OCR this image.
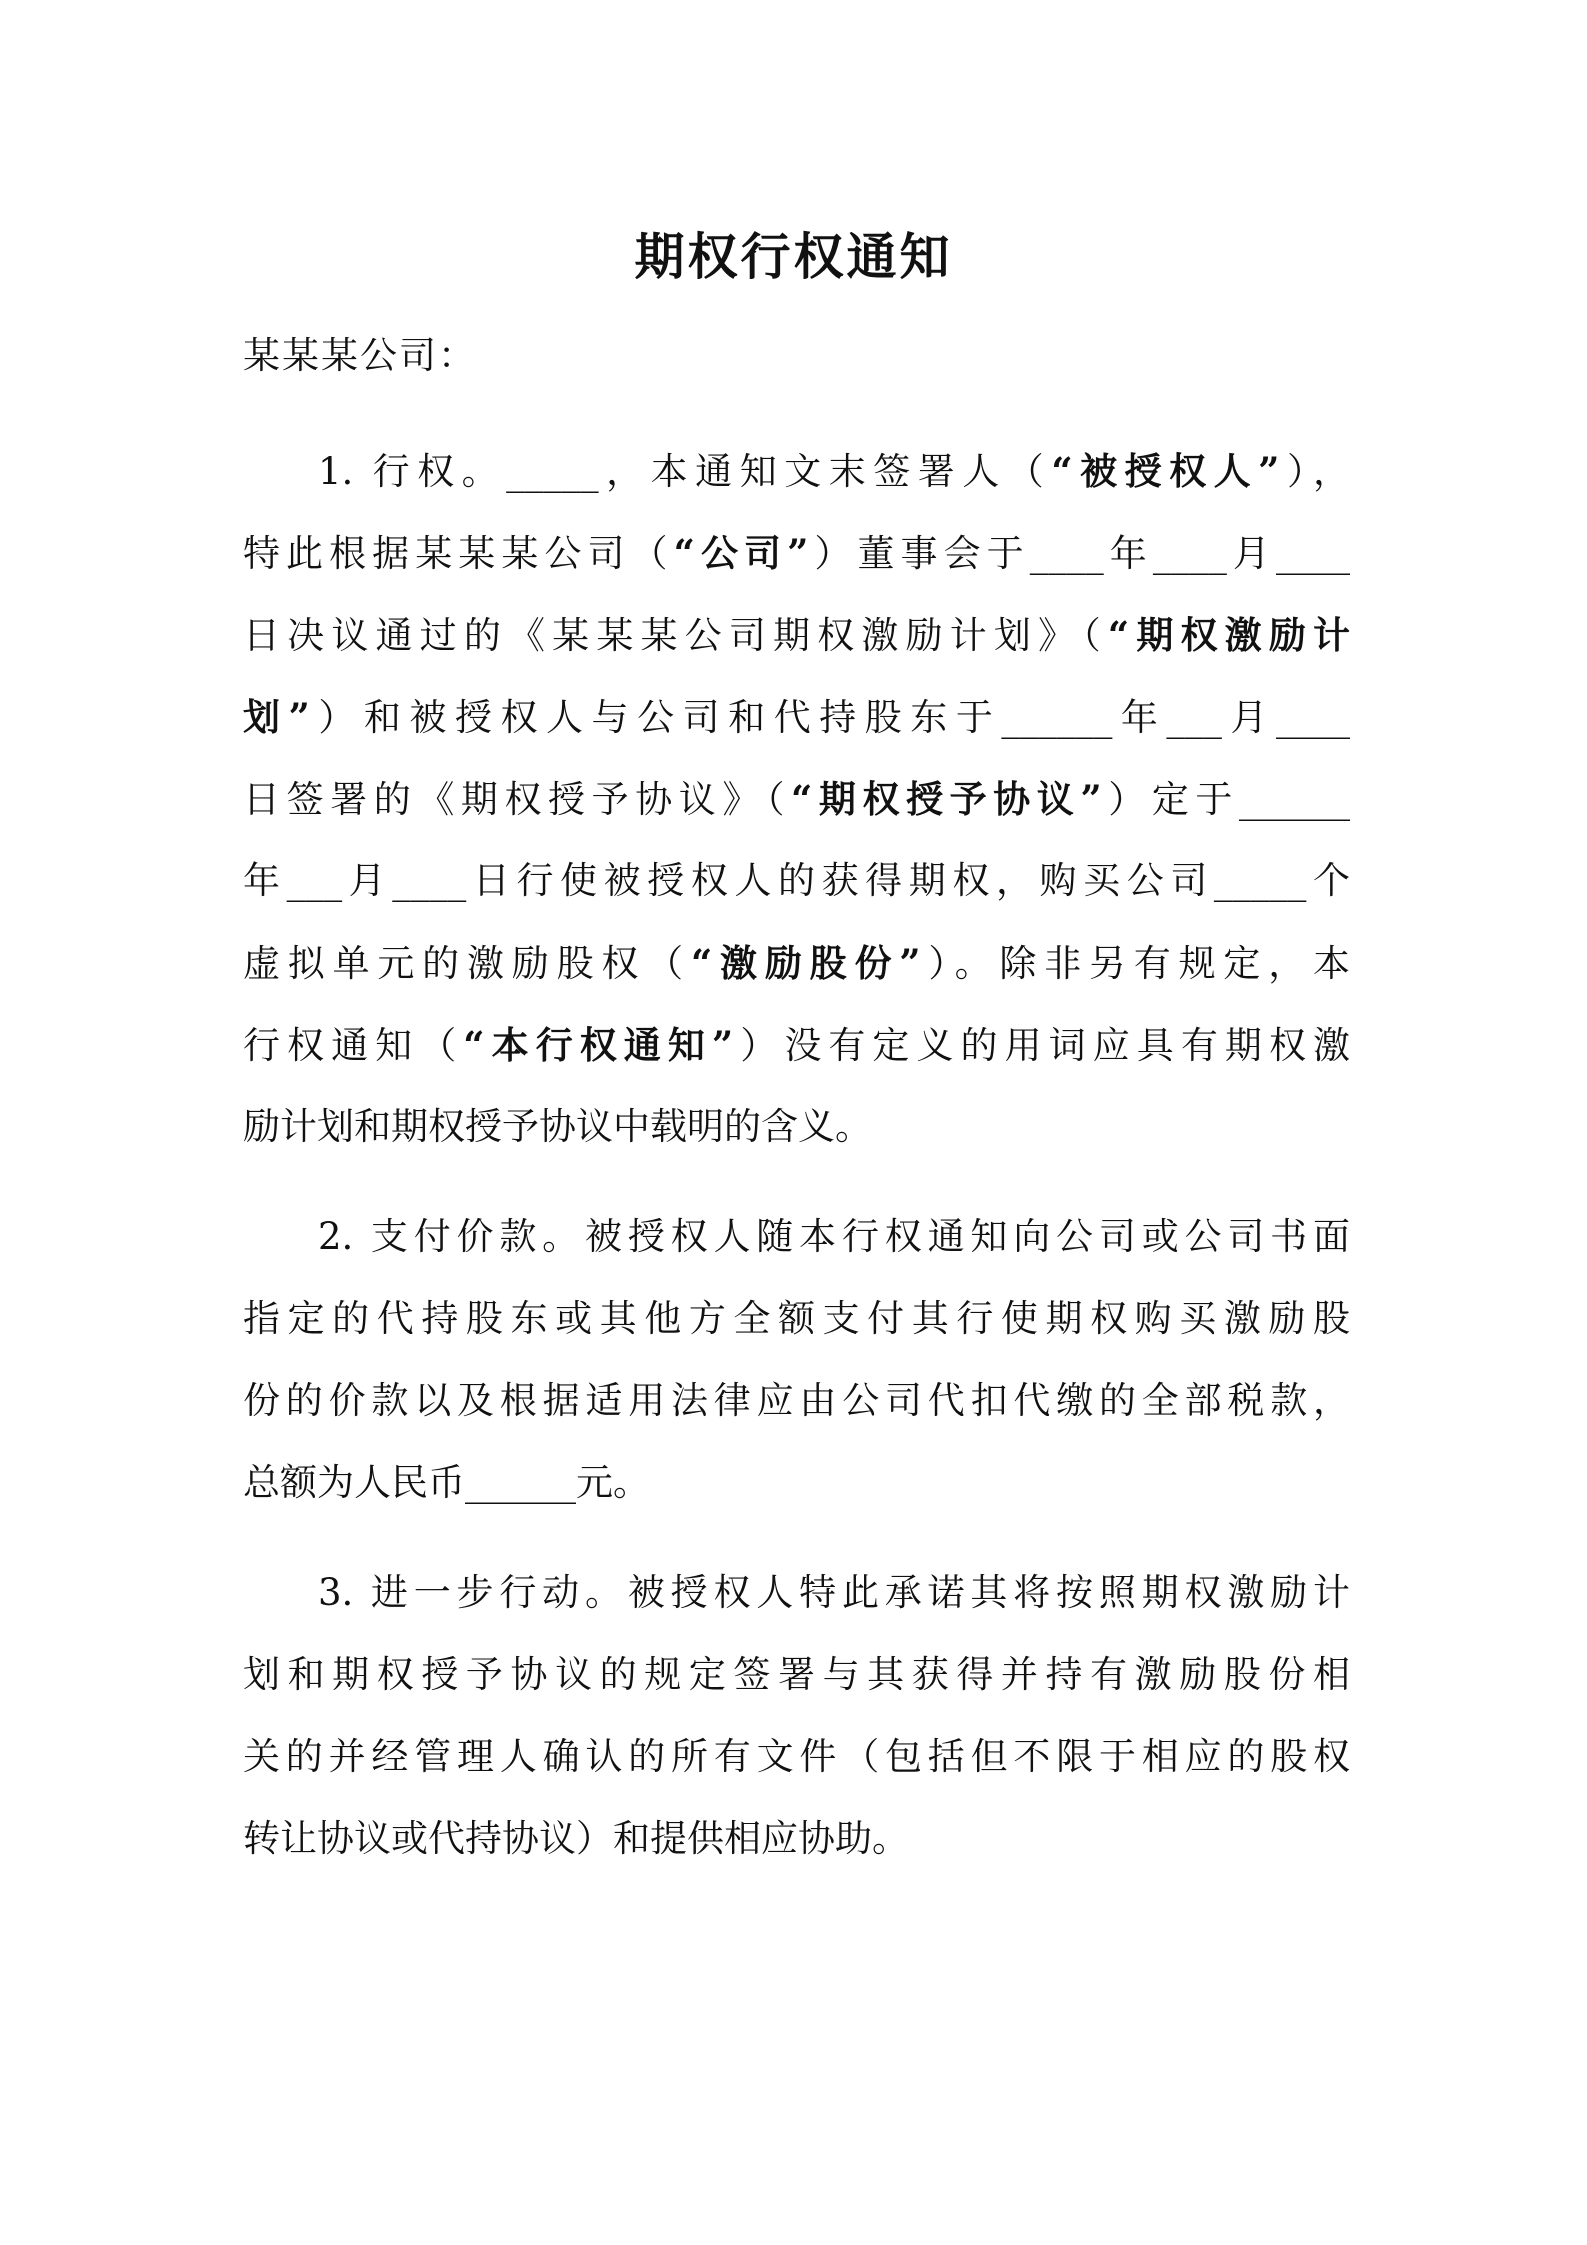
期权行权通知
某某某公司：
1. 行权。_____，本通知文末签署人（“被授权人”），
特此根据某某某公司（“公司”）董事会于____年____月____
日决议通过的《某某某公司期权激励计划》（“期权激励计
划”）和被授权人与公司和代持股东于______年___月____
日签署的《期权授予协议》（“期权授予协议”）定于______
年___月____日行使被授权人的获得期权，购买公司_____个
虚拟单元的激励股权（“激励股份”）。除非另有规定，本
行权通知（“本行权通知”）没有定义的用词应具有期权激
励计划和期权授予协议中载明的含义。
2. 支付价款。被授权人随本行权通知向公司或公司书面
指定的代持股东或其他方全额支付其行使期权购买激励股
份的价款以及根据适用法律应由公司代扣代缴的全部税款，
总额为人民币______元。
3. 进一步行动。被授权人特此承诺其将按照期权激励计
划和期权授予协议的规定签署与其获得并持有激励股份相
关的并经管理人确认的所有文件（包括但不限于相应的股权
转让协议或代持协议）和提供相应协助。
